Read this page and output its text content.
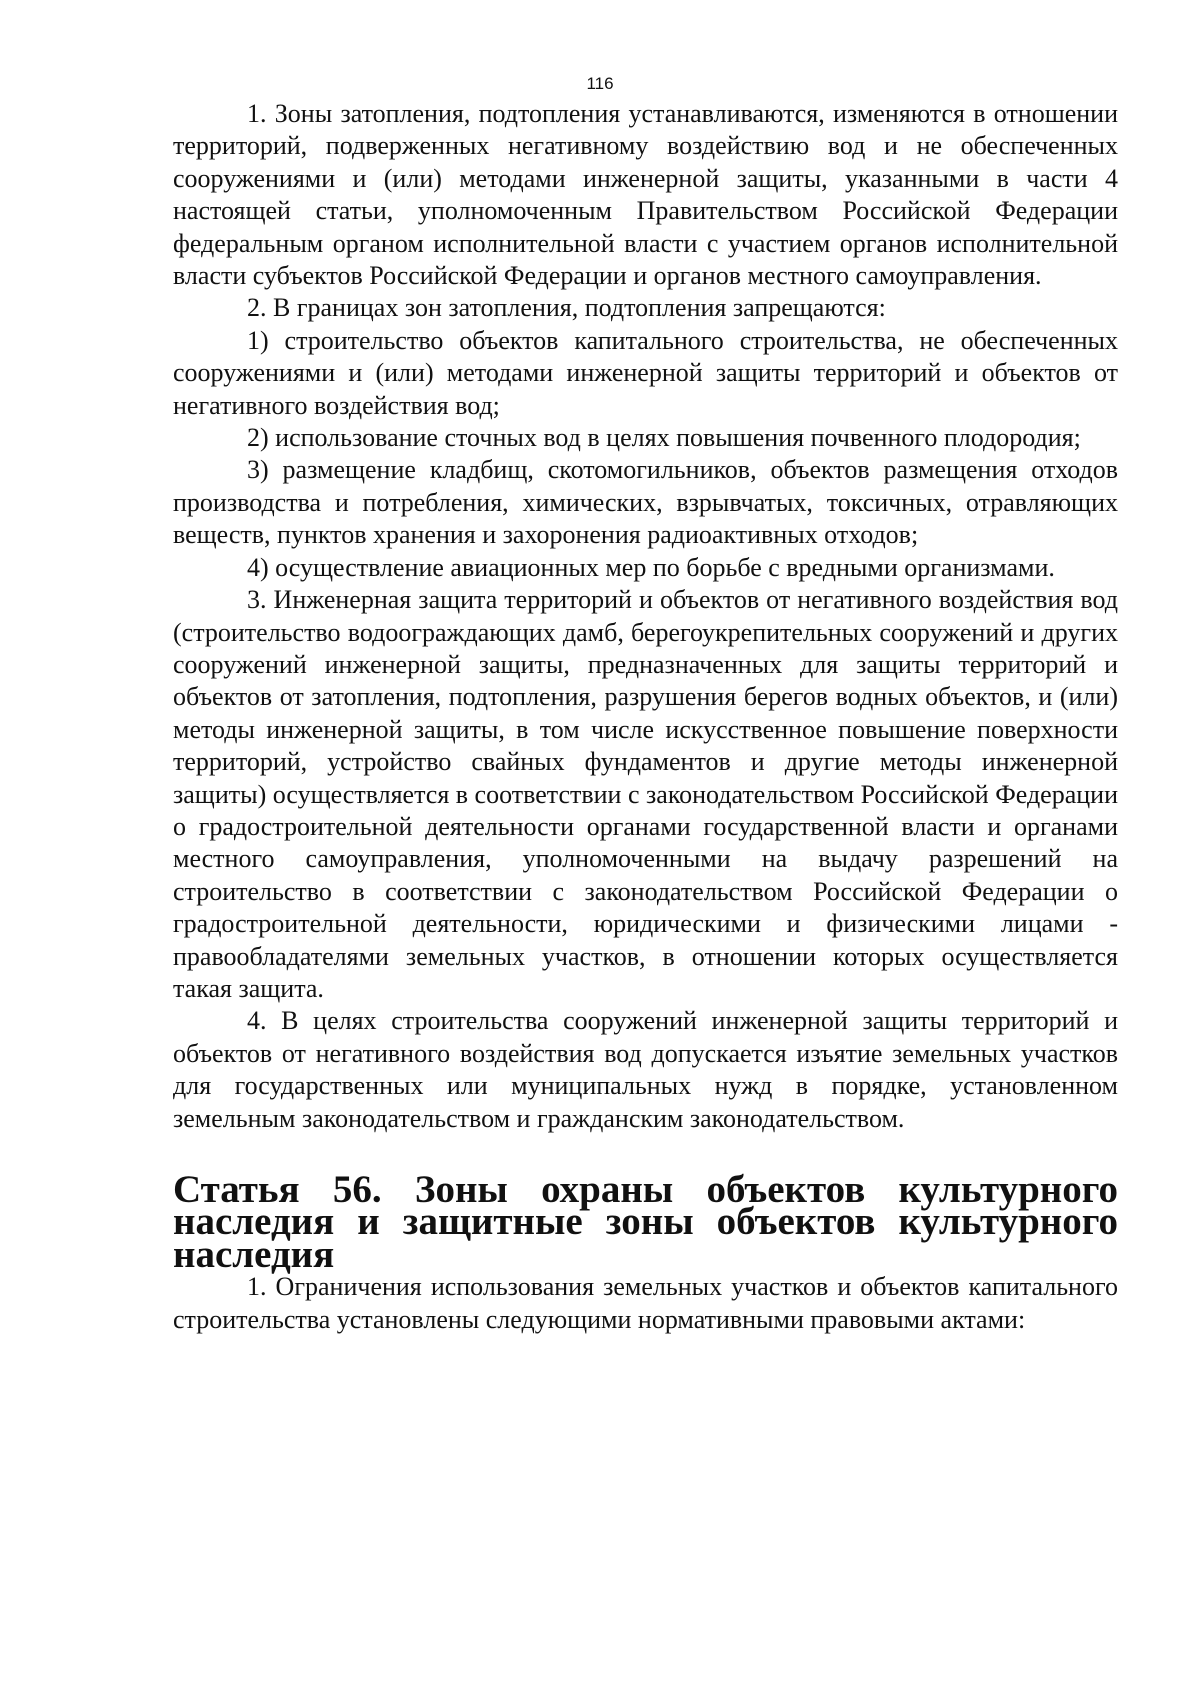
116

1. Зоны затопления, подтопления устанавливаются, изменяются в отношении территорий, подверженных негативному воздействию вод и не обеспеченных сооружениями и (или) методами инженерной защиты, указанными в части 4 настоящей статьи, уполномоченным Правительством Российской Федерации федеральным органом исполнительной власти с участием органов исполнительной власти субъектов Российской Федерации и органов местного самоуправления.

2. В границах зон затопления, подтопления запрещаются:

1) строительство объектов капитального строительства, не обеспеченных сооружениями и (или) методами инженерной защиты территорий и объектов от негативного воздействия вод;

2) использование сточных вод в целях повышения почвенного плодородия;

3) размещение кладбищ, скотомогильников, объектов размещения отходов производства и потребления, химических, взрывчатых, токсичных, отравляющих веществ, пунктов хранения и захоронения радиоактивных отходов;

4) осуществление авиационных мер по борьбе с вредными организмами.

3. Инженерная защита территорий и объектов от негативного воздействия вод (строительство водоограждающих дамб, берегоукрепительных сооружений и других сооружений инженерной защиты, предназначенных для защиты территорий и объектов от затопления, подтопления, разрушения берегов водных объектов, и (или) методы инженерной защиты, в том числе искусственное повышение поверхности территорий, устройство свайных фундаментов и другие методы инженерной защиты) осуществляется в соответствии с законодательством Российской Федерации о градостроительной деятельности органами государственной власти и органами местного самоуправления, уполномоченными на выдачу разрешений на строительство в соответствии с законодательством Российской Федерации о градостроительной деятельности, юридическими и физическими лицами - правообладателями земельных участков, в отношении которых осуществляется такая защита.

4. В целях строительства сооружений инженерной защиты территорий и объектов от негативного воздействия вод допускается изъятие земельных участков для государственных или муниципальных нужд в порядке, установленном земельным законодательством и гражданским законодательством.

Статья 56. Зоны охраны объектов культурного наследия и защитные зоны объектов культурного наследия

1. Ограничения использования земельных участков и объектов капитального строительства установлены следующими нормативными правовыми актами:
